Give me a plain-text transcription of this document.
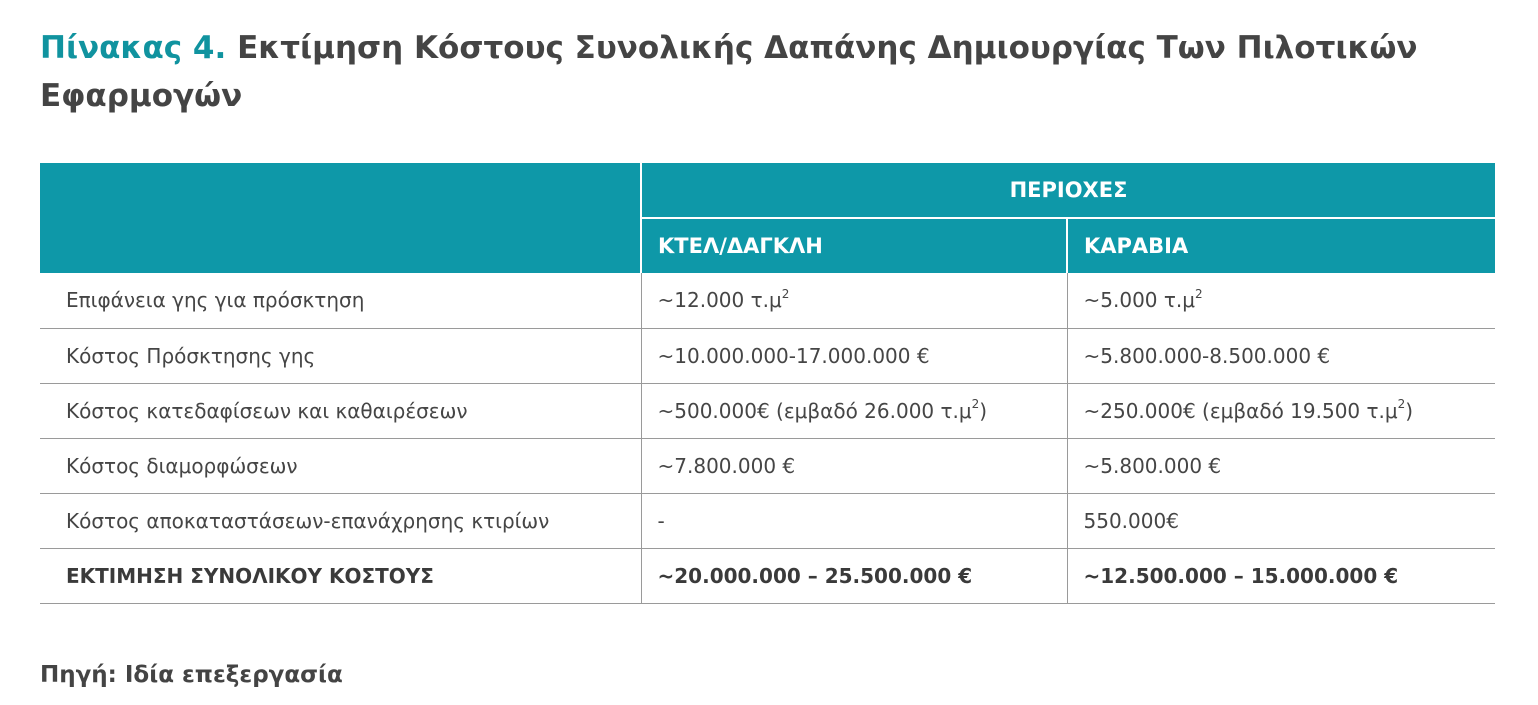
Πίνακας 4. Εκτίμηση Κόστους Συνολικής Δαπάνης Δημιουργίας Των Πιλοτικών Εφαρμογών
	ΠΕΡΙΟΧΕΣ	
	ΚΤΕΛ/ΔΑΓΚΛΗ	ΚΑΡΑΒΙΑ
Επιφάνεια γης για πρόσκτηση	~12.000 $\tau.\mu^2$	~5.000 $\tau.\mu^2$
Κόστος Πρόσκτησης γης	~10.000.000-17.000.000 €	~5.800.000-8.500.000 €
Κόστος κατεδαφίσεων και καθαιρέσεων	~500.000€ (εμβαδό 26.000 $\tau.\mu^2$)	~250.000€ (εμβαδό 19.500 $\tau.\mu^2$)
Κόστος διαμορφώσεων	~7.800.000 €	~5.800.000 €
Κόστος αποκαταστάσεων-επανάχρησης κτιρίων	-	550.000€
ΕΚΤΙΜΗΣΗ ΣΥΝΟΛΙΚΟΥ ΚΟΣΤΟΥΣ	~20.000.000 – 25.500.000 €	~12.500.000 – 15.000.000 €

Πηγή: Ιδία επεξεργασία
